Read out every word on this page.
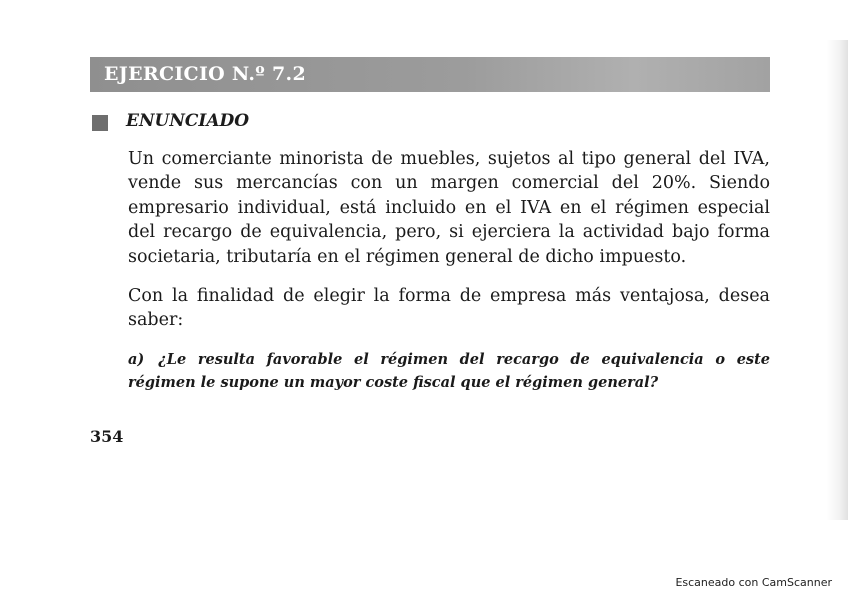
EJERCICIO N.º 7.2
ENUNCIADO

Un comerciante minorista de muebles, sujetos al tipo general del IVA, vende sus mercancías con un margen comercial del 20%. Siendo empresario individual, está incluido en el IVA en el régimen especial del recargo de equivalencia, pero, si ejerciera la actividad bajo forma societaria, tributaría en el régimen general de dicho impuesto.

Con la finalidad de elegir la forma de empresa más ventajosa, desea saber:

a) ¿Le resulta favorable el régimen del recargo de equivalencia o este régimen le supone un mayor coste fiscal que el régimen general?

354
Escaneado con CamScanner
